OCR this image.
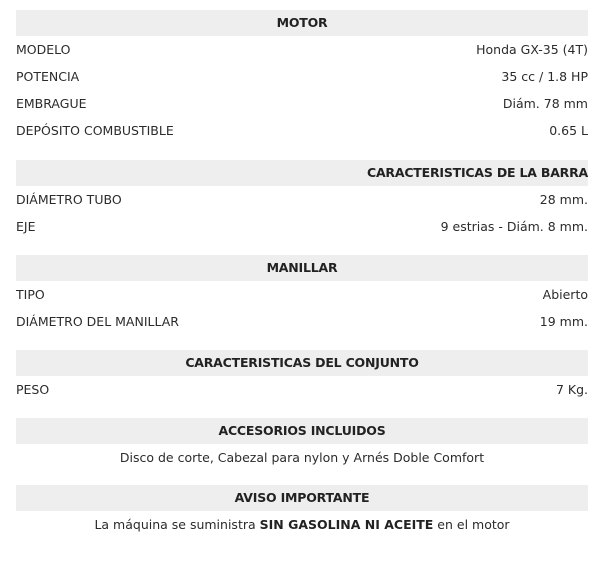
MOTOR
MODELO	Honda GX-35 (4T)
POTENCIA	35 cc / 1.8 HP
EMBRAGUE	Diám. 78 mm
DEPÓSITO COMBUSTIBLE	0.65 L
CARACTERISTICAS DE LA BARRA
DIÁMETRO TUBO	28 mm.
EJE	9 estrias - Diám. 8 mm.
MANILLAR
TIPO	Abierto
DIÁMETRO DEL MANILLAR	19 mm.
CARACTERISTICAS DEL CONJUNTO
PESO	7 Kg.
ACCESORIOS INCLUIDOS
Disco de corte, Cabezal para nylon y Arnés Doble Comfort
AVISO IMPORTANTE
La máquina se suministra SIN GASOLINA NI ACEITE en el motor
